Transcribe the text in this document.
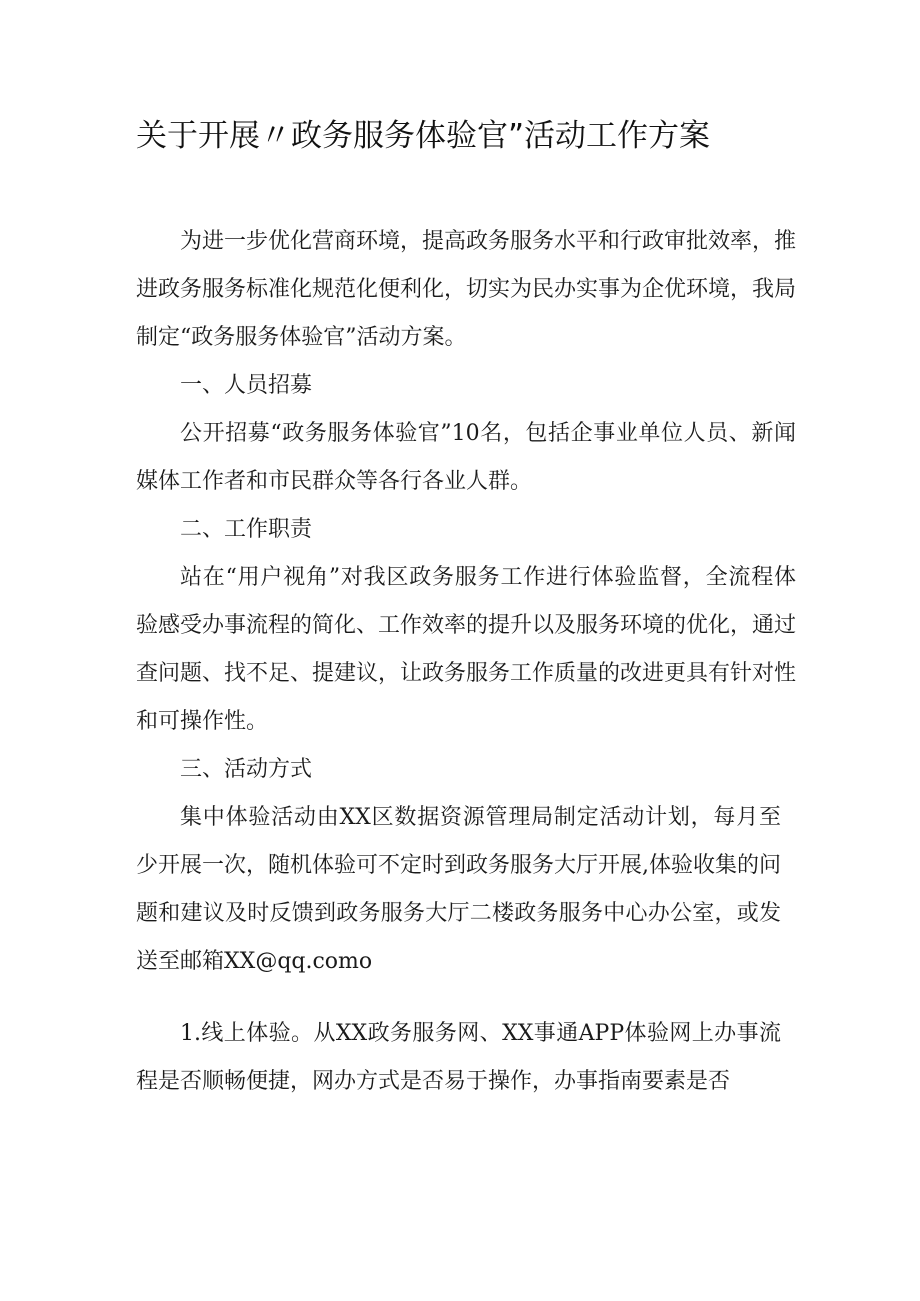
关于开展〃政务服务体验官”活动工作方案

为进一步优化营商环境，提高政务服务水平和行政审批效率，推进政务服务标准化规范化便利化，切实为民办实事为企优环境，我局制定“政务服务体验官”活动方案。

一、人员招募

公开招募“政务服务体验官”10名，包括企事业单位人员、新闻媒体工作者和市民群众等各行各业人群。

二、工作职责

站在“用户视角”对我区政务服务工作进行体验监督，全流程体验感受办事流程的简化、工作效率的提升以及服务环境的优化，通过查问题、找不足、提建议，让政务服务工作质量的改进更具有针对性和可操作性。

三、活动方式

集中体验活动由XX区数据资源管理局制定活动计划，每月至少开展一次，随机体验可不定时到政务服务大厅开展,体验收集的问题和建议及时反馈到政务服务大厅二楼政务服务中心办公室，或发送至邮箱XX@qq.como

1.线上体验。从XX政务服务网、XX事通APP体验网上办事流程是否顺畅便捷，网办方式是否易于操作，办事指南要素是否
